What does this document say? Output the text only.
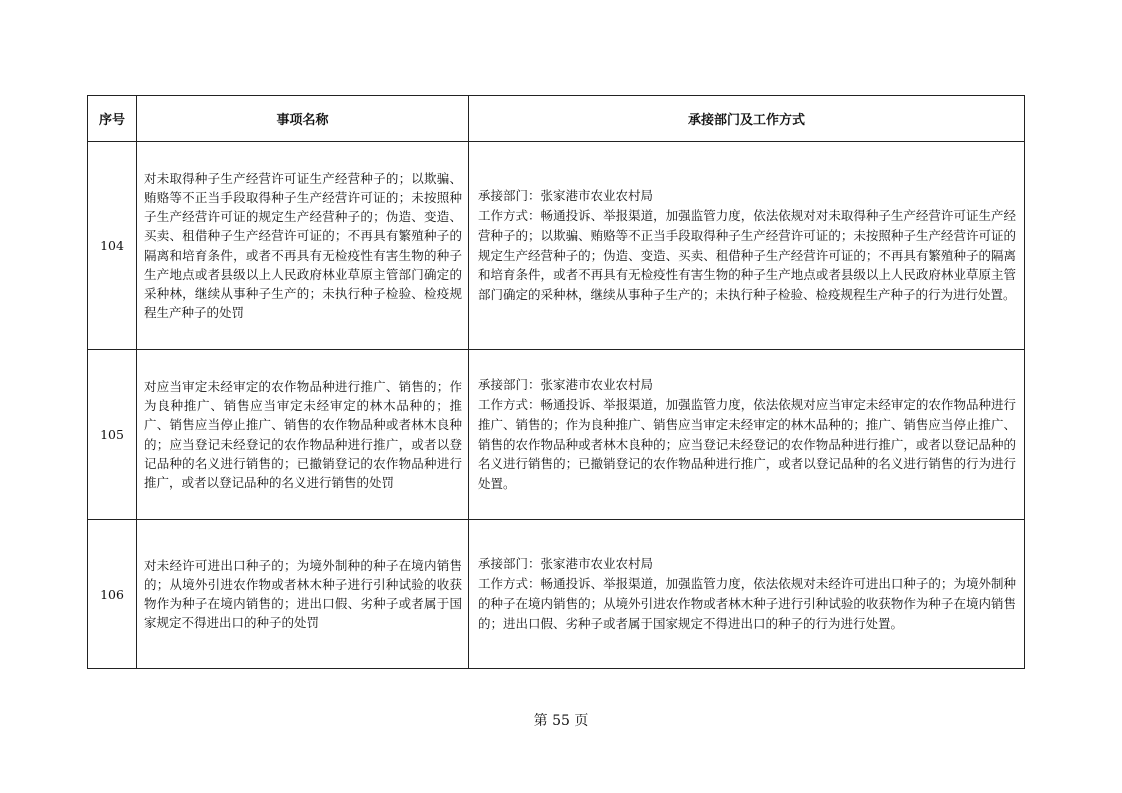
序号	事项名称	承接部门及工作方式
104	对未取得种子生产经营许可证生产经营种子的；以欺骗、贿赂等不正当手段取得种子生产经营许可证的；未按照种子生产经营许可证的规定生产经营种子的；伪造、变造、买卖、租借种子生产经营许可证的；不再具有繁殖种子的隔离和培育条件，或者不再具有无检疫性有害生物的种子生产地点或者县级以上人民政府林业草原主管部门确定的采种林，继续从事种子生产的；未执行种子检验、检疫规程生产种子的处罚	承接部门：张家港市农业农村局
工作方式：畅通投诉、举报渠道，加强监管力度，依法依规对对未取得种子生产经营许可证生产经营种子的；以欺骗、贿赂等不正当手段取得种子生产经营许可证的；未按照种子生产经营许可证的规定生产经营种子的；伪造、变造、买卖、租借种子生产经营许可证的；不再具有繁殖种子的隔离和培育条件，或者不再具有无检疫性有害生物的种子生产地点或者县级以上人民政府林业草原主管部门确定的采种林，继续从事种子生产的；未执行种子检验、检疫规程生产种子的行为进行处置。

105	对应当审定未经审定的农作物品种进行推广、销售的；作为良种推广、销售应当审定未经审定的林木品种的；推广、销售应当停止推广、销售的农作物品种或者林木良种的；应当登记未经登记的农作物品种进行推广，或者以登记品种的名义进行销售的；已撤销登记的农作物品种进行推广，或者以登记品种的名义进行销售的处罚	承接部门：张家港市农业农村局
工作方式：畅通投诉、举报渠道，加强监管力度，依法依规对应当审定未经审定的农作物品种进行推广、销售的；作为良种推广、销售应当审定未经审定的林木品种的；推广、销售应当停止推广、销售的农作物品种或者林木良种的；应当登记未经登记的农作物品种进行推广，或者以登记品种的名义进行销售的；已撤销登记的农作物品种进行推广，或者以登记品种的名义进行销售的行为进行处置。

106	对未经许可进出口种子的；为境外制种的种子在境内销售的；从境外引进农作物或者林木种子进行引种试验的收获物作为种子在境内销售的；进出口假、劣种子或者属于国家规定不得进出口的种子的处罚	承接部门：张家港市农业农村局
工作方式：畅通投诉、举报渠道，加强监管力度，依法依规对未经许可进出口种子的；为境外制种的种子在境内销售的；从境外引进农作物或者林木种子进行引种试验的收获物作为种子在境内销售的；进出口假、劣种子或者属于国家规定不得进出口的种子的行为进行处置。
第 55 页
